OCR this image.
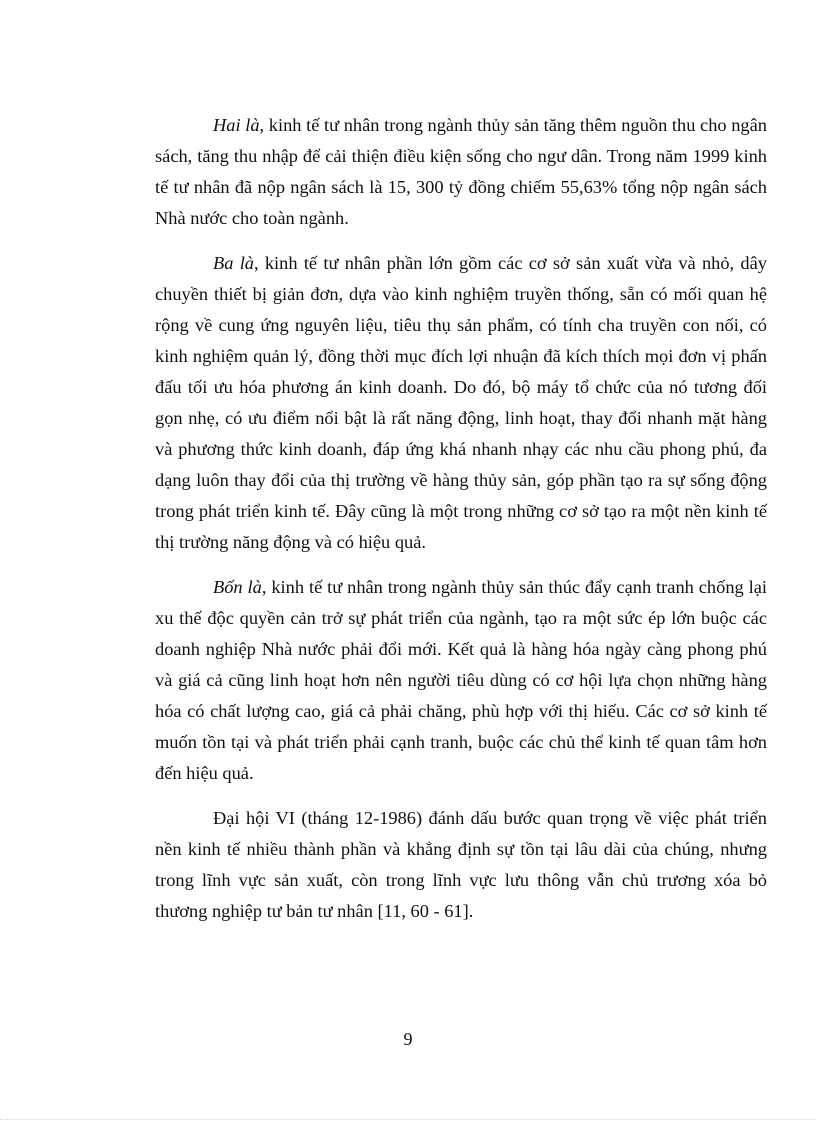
Hai là, kinh tế tư nhân trong ngành thủy sản tăng thêm nguồn thu cho ngân sách, tăng thu nhập để cải thiện điều kiện sống cho ngư dân. Trong năm 1999 kinh tế tư nhân đã nộp ngân sách là 15, 300 tỷ đồng chiếm 55,63% tổng nộp ngân sách Nhà nước cho toàn ngành.

Ba là, kinh tế tư nhân phần lớn gồm các cơ sở sản xuất vừa và nhỏ, dây chuyền thiết bị giản đơn, dựa vào kinh nghiệm truyền thống, sẵn có mối quan hệ rộng về cung ứng nguyên liệu, tiêu thụ sản phẩm, có tính cha truyền con nối, có kinh nghiệm quản lý, đồng thời mục đích lợi nhuận đã kích thích mọi đơn vị phấn đấu tối ưu hóa phương án kinh doanh. Do đó, bộ máy tổ chức của nó tương đối gọn nhẹ, có ưu điểm nổi bật là rất năng động, linh hoạt, thay đổi nhanh mặt hàng và phương thức kinh doanh, đáp ứng khá nhanh nhạy các nhu cầu phong phú, đa dạng luôn thay đổi của thị trường về hàng thủy sản, góp phần tạo ra sự sống động trong phát triển kinh tế. Đây cũng là một trong những cơ sở tạo ra một nền kinh tế thị trường năng động và có hiệu quả.

Bốn là, kinh tế tư nhân trong ngành thủy sản thúc đẩy cạnh tranh chống lại xu thế độc quyền cản trở sự phát triển của ngành, tạo ra một sức ép lớn buộc các doanh nghiệp Nhà nước phải đổi mới. Kết quả là hàng hóa ngày càng phong phú và giá cả cũng linh hoạt hơn nên người tiêu dùng có cơ hội lựa chọn những hàng hóa có chất lượng cao, giá cả phải chăng, phù hợp với thị hiếu. Các cơ sở kinh tế muốn tồn tại và phát triển phải cạnh tranh, buộc các chủ thể kinh tế quan tâm hơn đến hiệu quả.

Đại hội VI (tháng 12-1986) đánh dấu bước quan trọng về việc phát triển nền kinh tế nhiều thành phần và khẳng định sự tồn tại lâu dài của chúng, nhưng trong lĩnh vực sản xuất, còn trong lĩnh vực lưu thông vẫn chủ trương xóa bỏ thương nghiệp tư bản tư nhân [11, 60 - 61].

9
